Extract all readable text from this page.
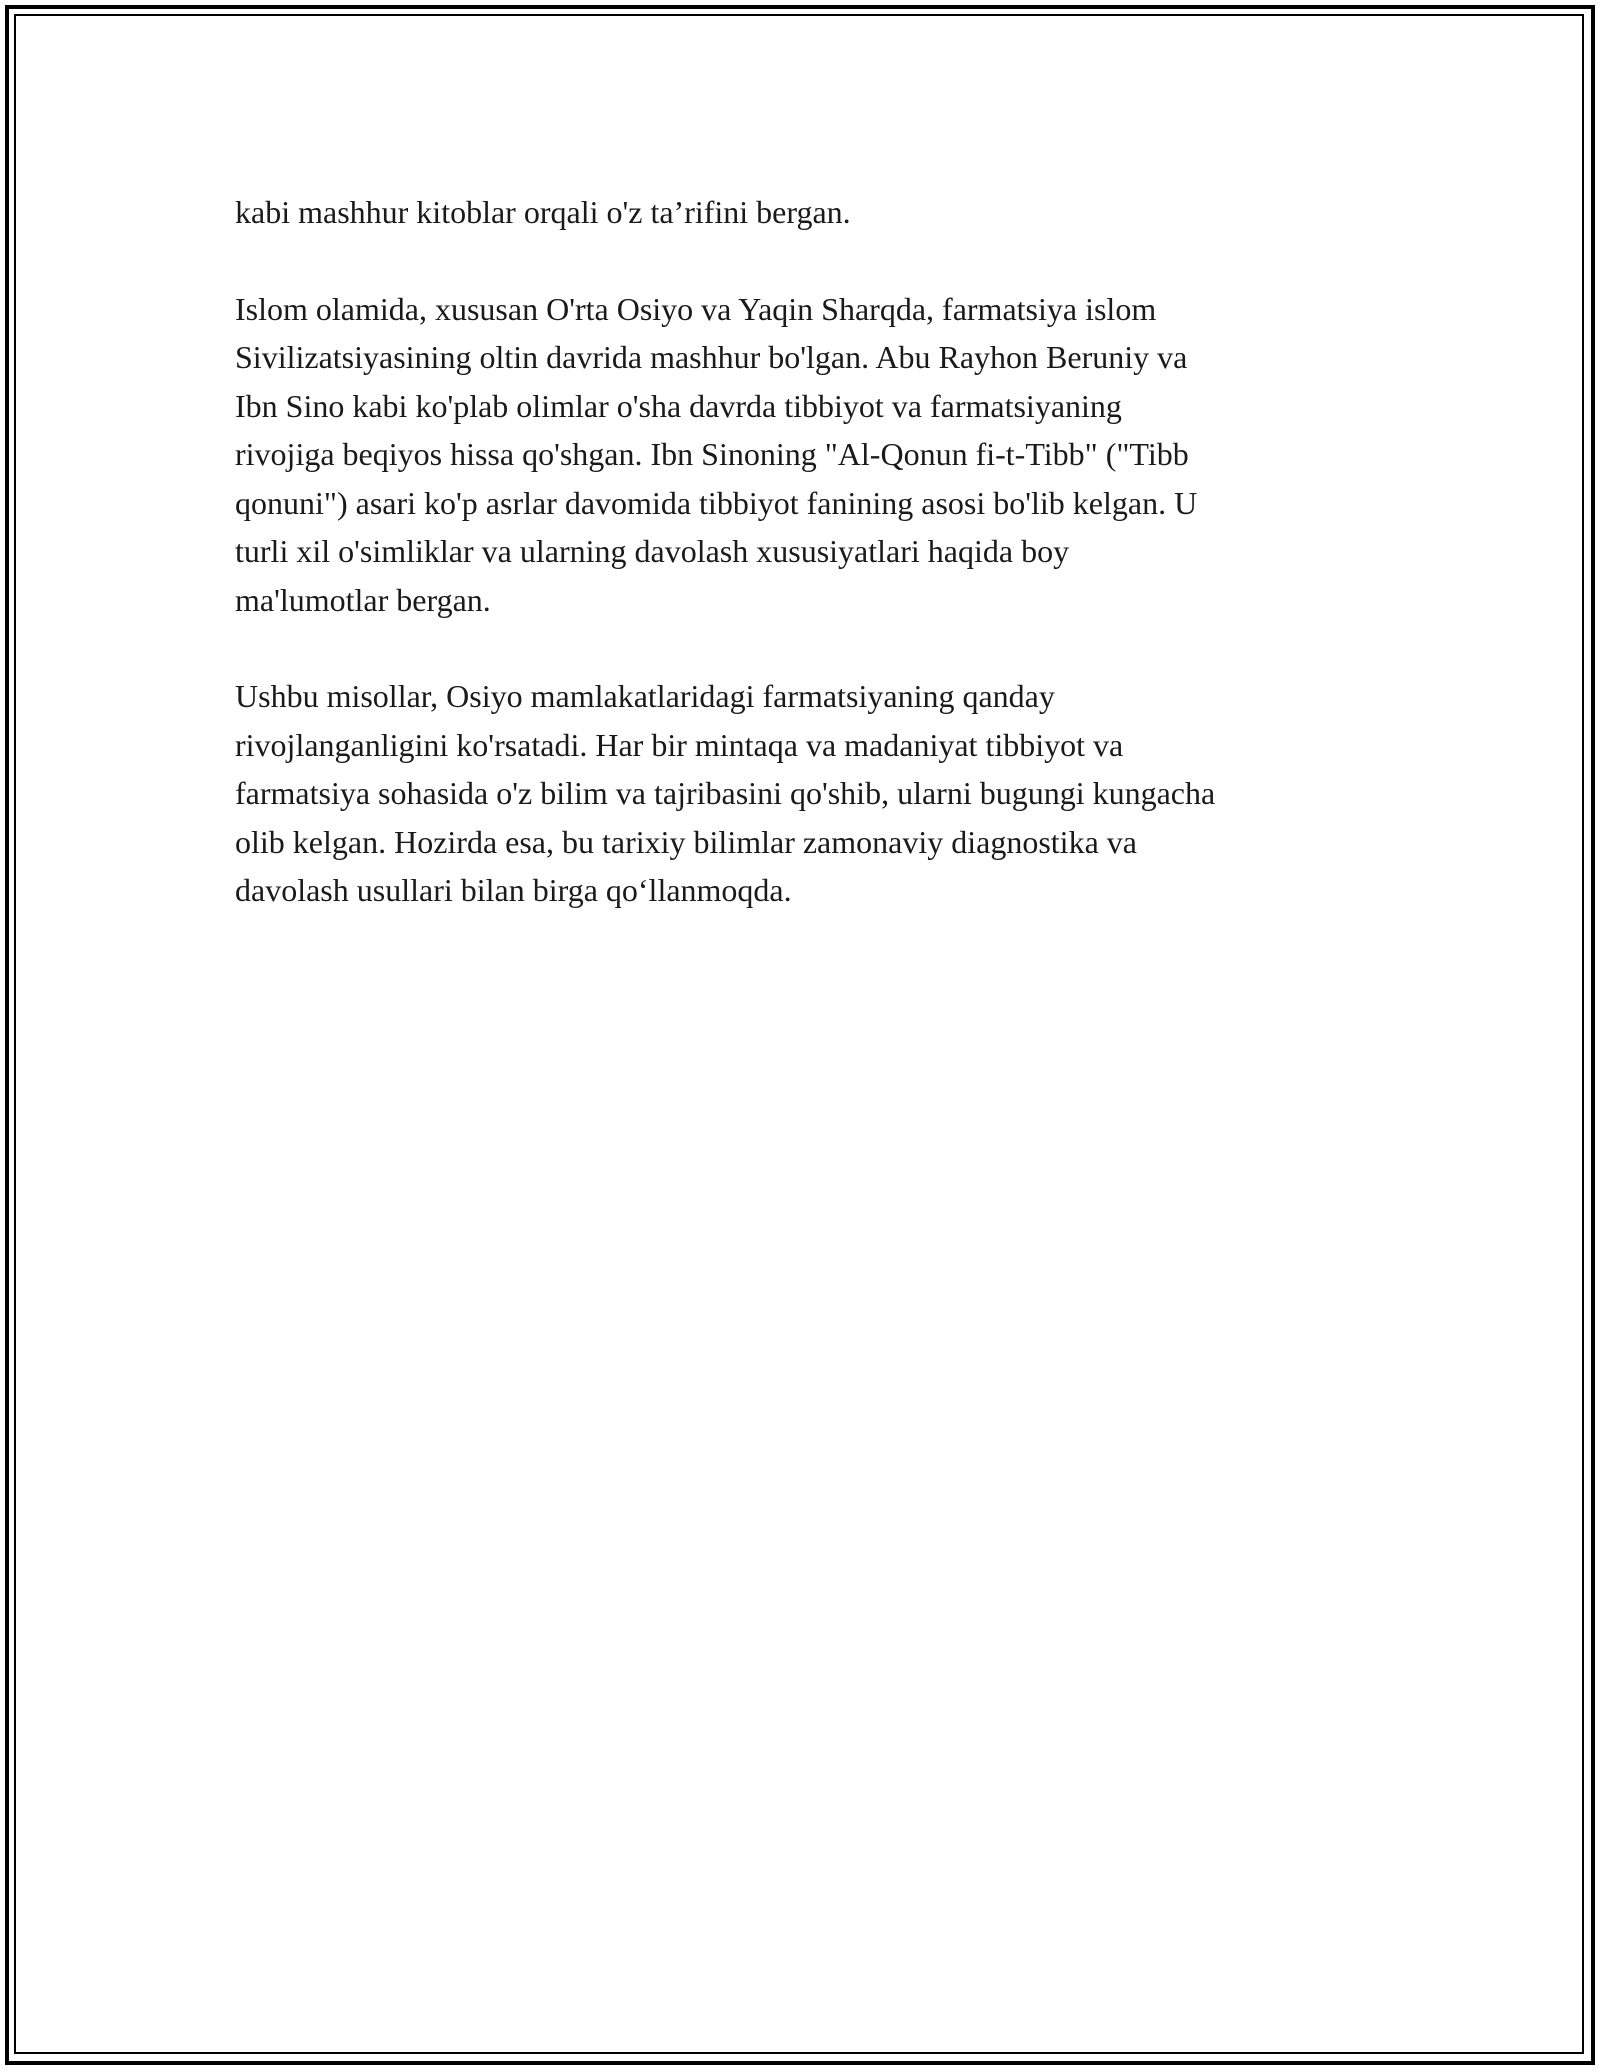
kabi mashhur kitoblar orqali o'z ta’rifini bergan.

Islom olamida, xususan O'rta Osiyo va Yaqin Sharqda, farmatsiya islom
Sivilizatsiyasining oltin davrida mashhur bo'lgan. Abu Rayhon Beruniy va
Ibn Sino kabi ko'plab olimlar o'sha davrda tibbiyot va farmatsiyaning
rivojiga beqiyos hissa qo'shgan. Ibn Sinoning "Al-Qonun fi-t-Tibb" ("Tibb
qonuni") asari ko'p asrlar davomida tibbiyot fanining asosi bo'lib kelgan. U
turli xil o'simliklar va ularning davolash xususiyatlari haqida boy
ma'lumotlar bergan.

Ushbu misollar, Osiyo mamlakatlaridagi farmatsiyaning qanday
rivojlanganligini ko'rsatadi. Har bir mintaqa va madaniyat tibbiyot va
farmatsiya sohasida o'z bilim va tajribasini qo'shib, ularni bugungi kungacha
olib kelgan. Hozirda esa, bu tarixiy bilimlar zamonaviy diagnostika va
davolash usullari bilan birga qo‘llanmoqda.
